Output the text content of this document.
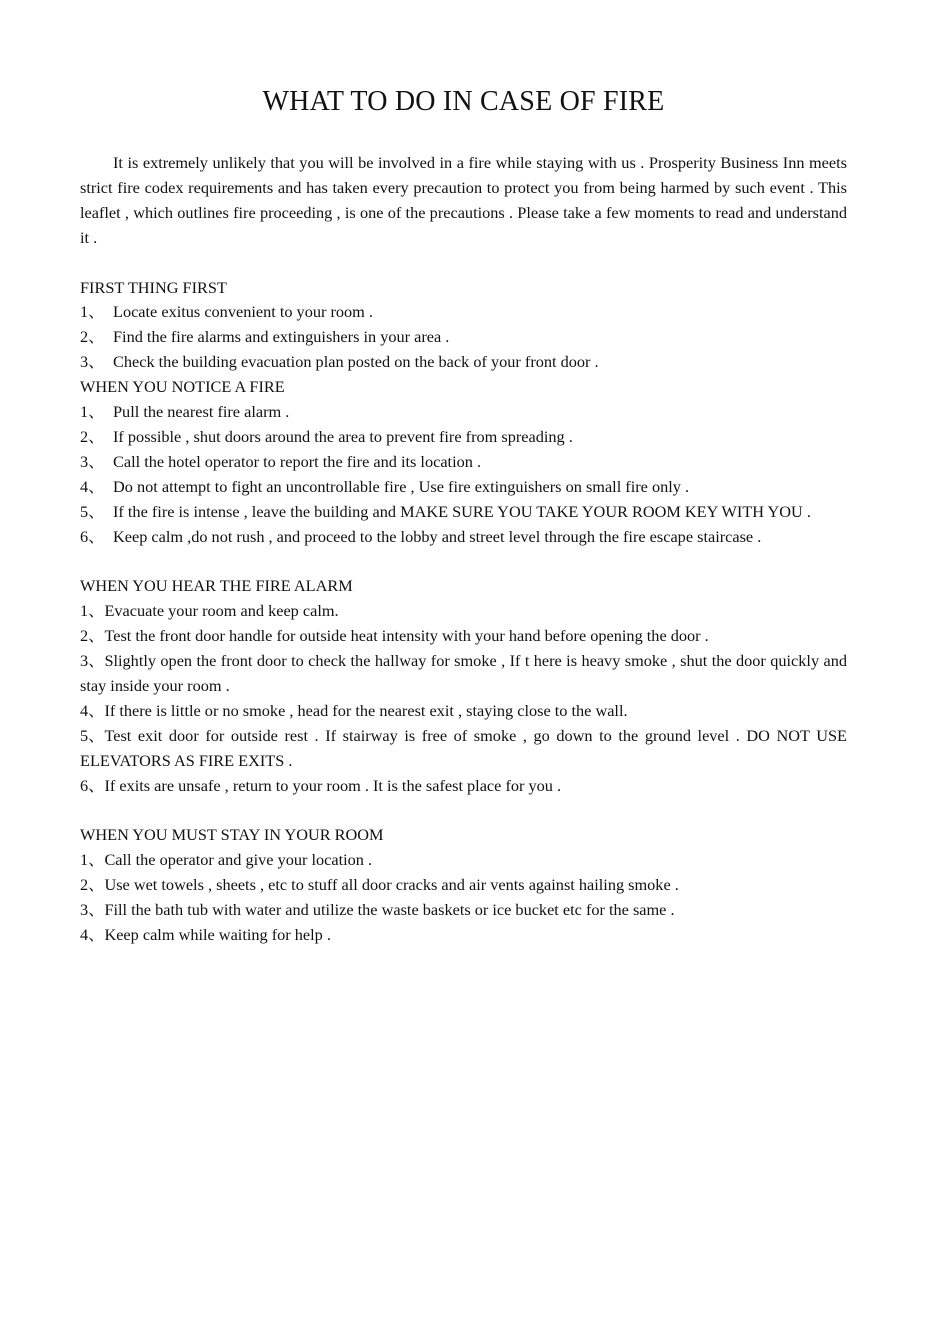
WHAT TO DO IN CASE OF FIRE

It is extremely unlikely that you will be involved in a fire while staying with us . Prosperity Business Inn meets strict fire codex requirements and has taken every precaution to protect you from being harmed by such event . This leaflet , which outlines fire proceeding , is one of the precautions . Please take a few moments to read and understand it .

FIRST THING FIRST

1、 Locate exitus convenient to your room .

2、 Find the fire alarms and extinguishers in your area .

3、 Check the building evacuation plan posted on the back of your front door .

WHEN YOU NOTICE A FIRE

1、 Pull the nearest fire alarm .

2、 If possible , shut doors around the area to prevent fire from spreading .

3、 Call the hotel operator to report the fire and its location .

4、 Do not attempt to fight an uncontrollable fire , Use fire extinguishers on small fire only .

5、 If the fire is intense , leave the building and MAKE SURE YOU TAKE YOUR ROOM KEY WITH YOU .

6、 Keep calm ,do not rush , and proceed to the lobby and street level through the fire escape staircase .

WHEN YOU HEAR THE FIRE ALARM

1、Evacuate your room and keep calm.

2、Test the front door handle for outside heat intensity with your hand before opening the door .

3、Slightly open the front door to check the hallway for smoke , If t here is heavy smoke , shut the door quickly and stay inside your room .

4、If there is little or no smoke , head for the nearest exit , staying close to the wall.

5、Test exit door for outside rest . If stairway is free of smoke , go down to the ground level . DO NOT USE ELEVATORS AS FIRE EXITS .

6、If exits are unsafe , return to your room . It is the safest place for you .

WHEN YOU MUST STAY IN YOUR ROOM

1、Call the operator and give your location .

2、Use wet towels , sheets , etc to stuff all door cracks and air vents against hailing smoke .

3、Fill the bath tub with water and utilize the waste baskets or ice bucket etc for the same .

4、Keep calm while waiting for help .
